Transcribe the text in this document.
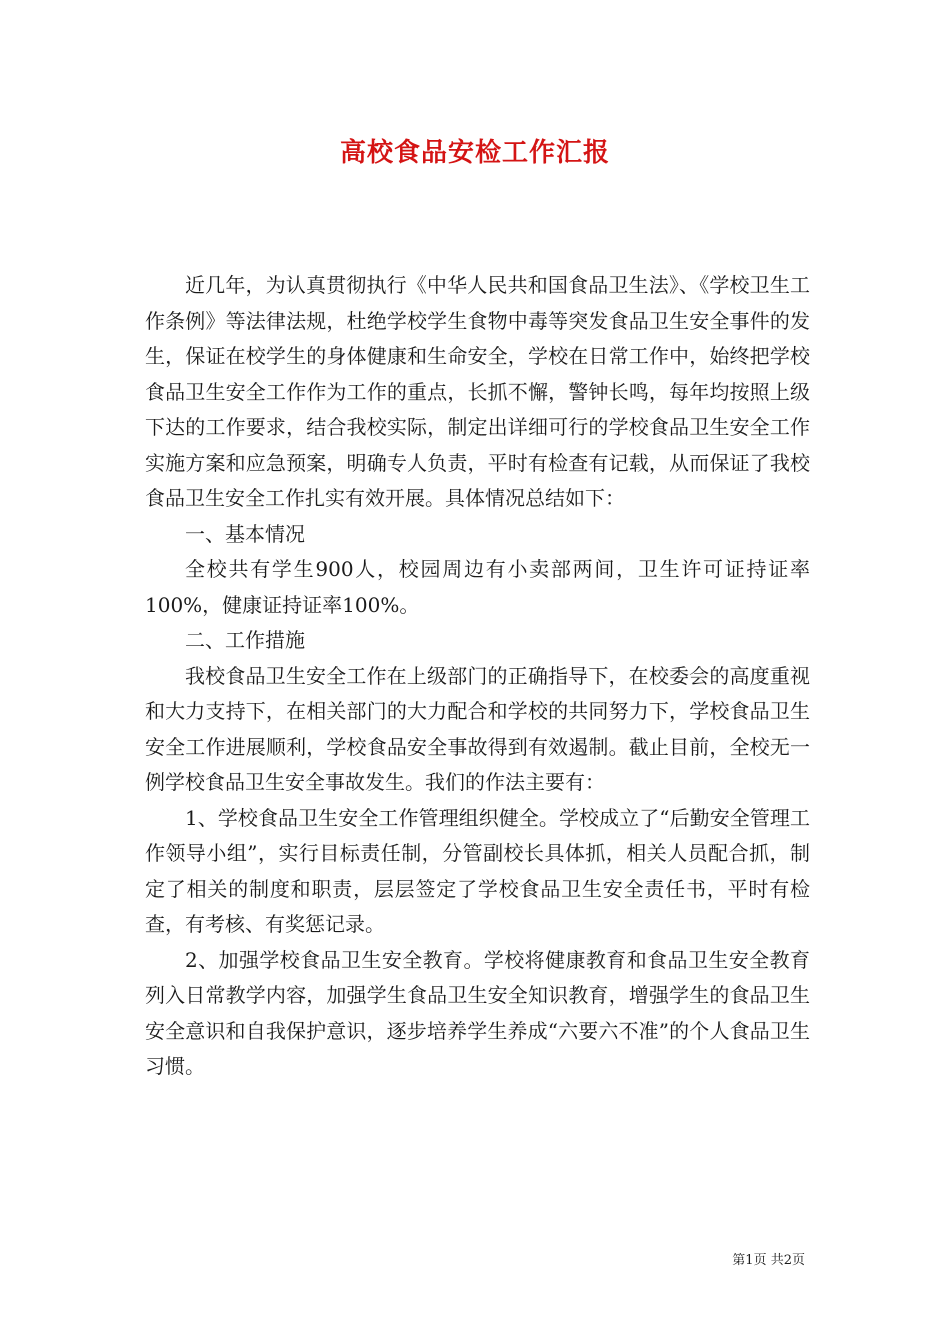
高校食品安检工作汇报

近几年，为认真贯彻执行《中华人民共和国食品卫生法》、《学校卫生工作条例》等法律法规，杜绝学校学生食物中毒等突发食品卫生安全事件的发生，保证在校学生的身体健康和生命安全，学校在日常工作中，始终把学校食品卫生安全工作作为工作的重点，长抓不懈，警钟长鸣，每年均按照上级下达的工作要求，结合我校实际，制定出详细可行的学校食品卫生安全工作实施方案和应急预案，明确专人负责，平时有检查有记载，从而保证了我校食品卫生安全工作扎实有效开展。具体情况总结如下：

一、基本情况

全校共有学生900人，校园周边有小卖部两间，卫生许可证持证率100%，健康证持证率100%。

二、工作措施

我校食品卫生安全工作在上级部门的正确指导下，在校委会的高度重视和大力支持下，在相关部门的大力配合和学校的共同努力下，学校食品卫生安全工作进展顺利，学校食品安全事故得到有效遏制。截止目前，全校无一例学校食品卫生安全事故发生。我们的作法主要有：

1、学校食品卫生安全工作管理组织健全。学校成立了“后勤安全管理工作领导小组”，实行目标责任制，分管副校长具体抓，相关人员配合抓，制定了相关的制度和职责，层层签定了学校食品卫生安全责任书，平时有检查，有考核、有奖惩记录。

2、加强学校食品卫生安全教育。学校将健康教育和食品卫生安全教育列入日常教学内容，加强学生食品卫生安全知识教育，增强学生的食品卫生安全意识和自我保护意识，逐步培养学生养成“六要六不准”的个人食品卫生习惯。

第1页 共2页
